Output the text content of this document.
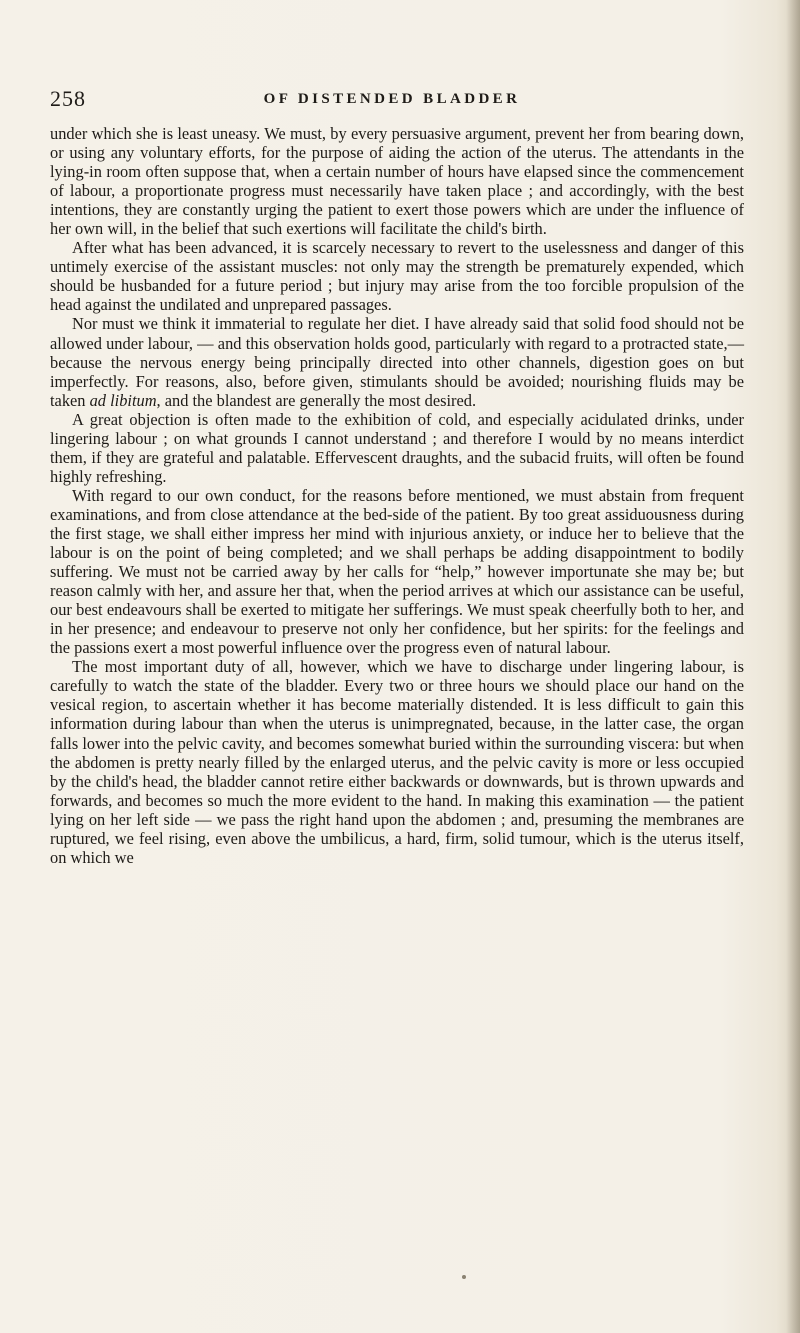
258	OF DISTENDED BLADDER

under which she is least uneasy. We must, by every persuasive argument, prevent her from bearing down, or using any voluntary efforts, for the purpose of aiding the action of the uterus. The attendants in the lying-in room often suppose that, when a certain number of hours have elapsed since the commencement of labour, a proportionate progress must necessarily have taken place ; and accordingly, with the best intentions, they are constantly urging the patient to exert those powers which are under the influence of her own will, in the belief that such exertions will facilitate the child's birth.

After what has been advanced, it is scarcely necessary to revert to the uselessness and danger of this untimely exercise of the assistant muscles: not only may the strength be prematurely expended, which should be husbanded for a future period ; but injury may arise from the too forcible propulsion of the head against the undilated and unprepared passages.

Nor must we think it immaterial to regulate her diet. I have already said that solid food should not be allowed under labour, — and this observation holds good, particularly with regard to a protracted state,—because the nervous energy being principally directed into other channels, digestion goes on but imperfectly. For reasons, also, before given, stimulants should be avoided; nourishing fluids may be taken ad libitum, and the blandest are generally the most desired.

A great objection is often made to the exhibition of cold, and especially acidulated drinks, under lingering labour ; on what grounds I cannot understand ; and therefore I would by no means interdict them, if they are grateful and palatable. Effervescent draughts, and the subacid fruits, will often be found highly refreshing.

With regard to our own conduct, for the reasons before mentioned, we must abstain from frequent examinations, and from close attendance at the bed-side of the patient. By too great assiduousness during the first stage, we shall either impress her mind with injurious anxiety, or induce her to believe that the labour is on the point of being completed; and we shall perhaps be adding disappointment to bodily suffering. We must not be carried away by her calls for “help,” however importunate she may be; but reason calmly with her, and assure her that, when the period arrives at which our assistance can be useful, our best endeavours shall be exerted to mitigate her sufferings. We must speak cheerfully both to her, and in her presence; and endeavour to preserve not only her confidence, but her spirits: for the feelings and the passions exert a most powerful influence over the progress even of natural labour.

The most important duty of all, however, which we have to discharge under lingering labour, is carefully to watch the state of the bladder. Every two or three hours we should place our hand on the vesical region, to ascertain whether it has become materially distended. It is less difficult to gain this information during labour than when the uterus is unimpregnated, because, in the latter case, the organ falls lower into the pelvic cavity, and becomes somewhat buried within the surrounding viscera: but when the abdomen is pretty nearly filled by the enlarged uterus, and the pelvic cavity is more or less occupied by the child's head, the bladder cannot retire either backwards or downwards, but is thrown upwards and forwards, and becomes so much the more evident to the hand. In making this examination — the patient lying on her left side — we pass the right hand upon the abdomen ; and, presuming the membranes are ruptured, we feel rising, even above the umbilicus, a hard, firm, solid tumour, which is the uterus itself, on which we
